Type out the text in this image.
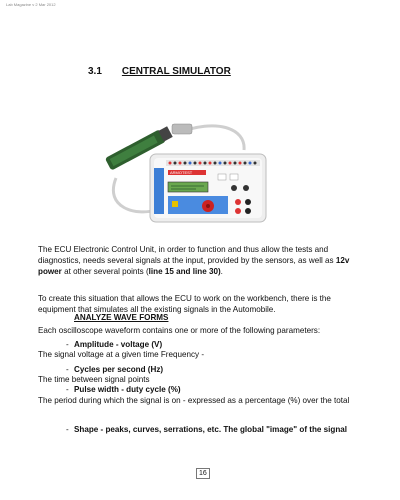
Lab Magazine v 2 Mar 2012
3.1 CENTRAL SIMULATOR
ARMOTEST
The ECU Electronic Control Unit, in order to function and thus allow the tests and diagnostics, needs several signals at the input, provided by the sensors, as well as 12v power at other several points (line 15 and line 30).
To create this situation that allows the ECU to work on the workbench, there is the equipment that simulates all the existing signals in the Automobile.
ANALYZE WAVE FORMS
Each oscilloscope waveform contains one or more of the following parameters:
- Amplitude - voltage (V)
The signal voltage at a given time Frequency -
- Cycles per second (Hz)
The time between signal points
- Pulse width - duty cycle (%)
The period during which the signal is on - expressed as a percentage (%) over the total
- Shape - peaks, curves, serrations, etc. The global "image" of the signal
16
